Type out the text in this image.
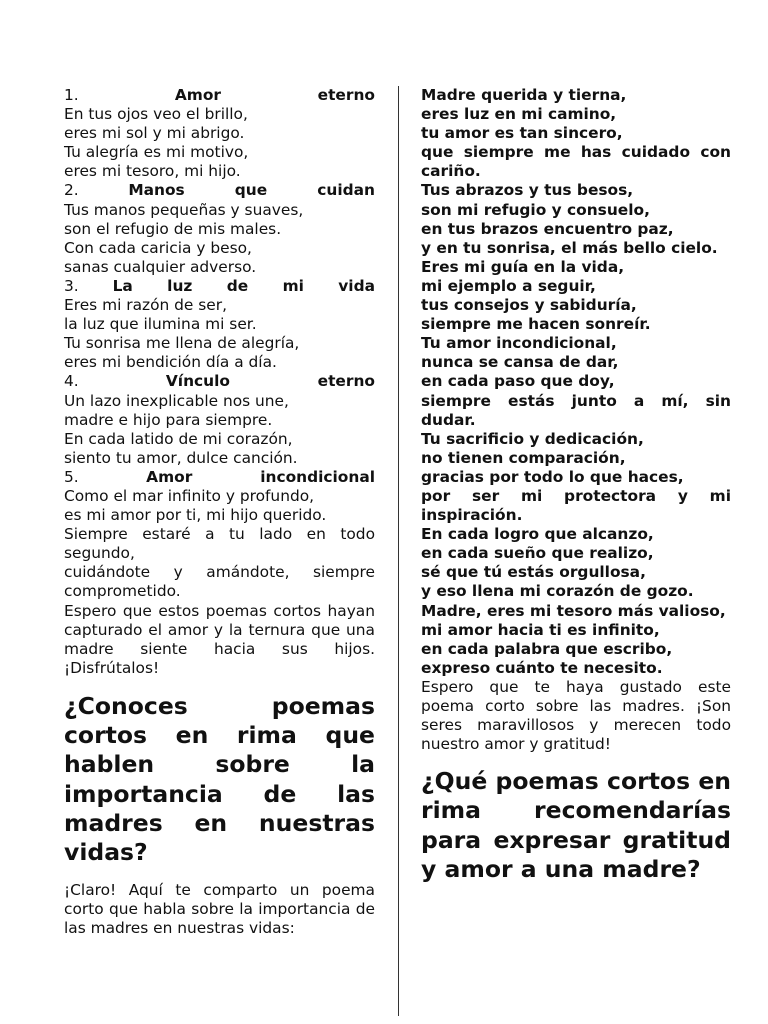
1.	Amor eterno

En tus ojos veo el brillo,

eres mi sol y mi abrigo.

Tu alegría es mi motivo,

eres mi tesoro, mi hijo.

2.	Manos que cuidan

Tus manos pequeñas y suaves,

son el refugio de mis males.

Con cada caricia y beso,

sanas cualquier adverso.

3. La luz de mi vida

Eres mi razón de ser,

la luz que ilumina mi ser.

Tu sonrisa me llena de alegría,

eres mi bendición día a día.

4.	Vínculo eterno

Un lazo inexplicable nos une,

madre e hijo para siempre.

En cada latido de mi corazón,

siento tu amor, dulce canción.

5.	Amor incondicional

Como el mar infinito y profundo,

es mi amor por ti, mi hijo querido.

Siempre estaré a tu lado en todo segundo,

cuidándote y amándote, siempre comprometido.

Espero que estos poemas cortos hayan capturado el amor y la ternura que una madre siente hacia sus hijos. ¡Disfrútalos!

¿Conoces poemas cortos en rima que hablen sobre la importancia de las madres en nuestras vidas?

¡Claro! Aquí te comparto un poema corto que habla sobre la importancia de las madres en nuestras vidas:

Madre querida y tierna,

eres luz en mi camino,

tu amor es tan sincero,

que siempre me has cuidado con cariño.

Tus abrazos y tus besos,

son mi refugio y consuelo,

en tus brazos encuentro paz,

y en tu sonrisa, el más bello cielo.

Eres mi guía en la vida,

mi ejemplo a seguir,

tus consejos y sabiduría,

siempre me hacen sonreír.

Tu amor incondicional,

nunca se cansa de dar,

en cada paso que doy,

siempre estás junto a mí, sin dudar.

Tu sacrificio y dedicación,

no tienen comparación,

gracias por todo lo que haces,

por ser mi protectora y mi inspiración.

En cada logro que alcanzo,

en cada sueño que realizo,

sé que tú estás orgullosa,

y eso llena mi corazón de gozo.

Madre, eres mi tesoro más valioso,

mi amor hacia ti es infinito,

en cada palabra que escribo,

expreso cuánto te necesito.

Espero que te haya gustado este poema corto sobre las madres. ¡Son seres maravillosos y merecen todo nuestro amor y gratitud!

¿Qué poemas cortos en rima recomendarías para expresar gratitud y amor a una madre?
